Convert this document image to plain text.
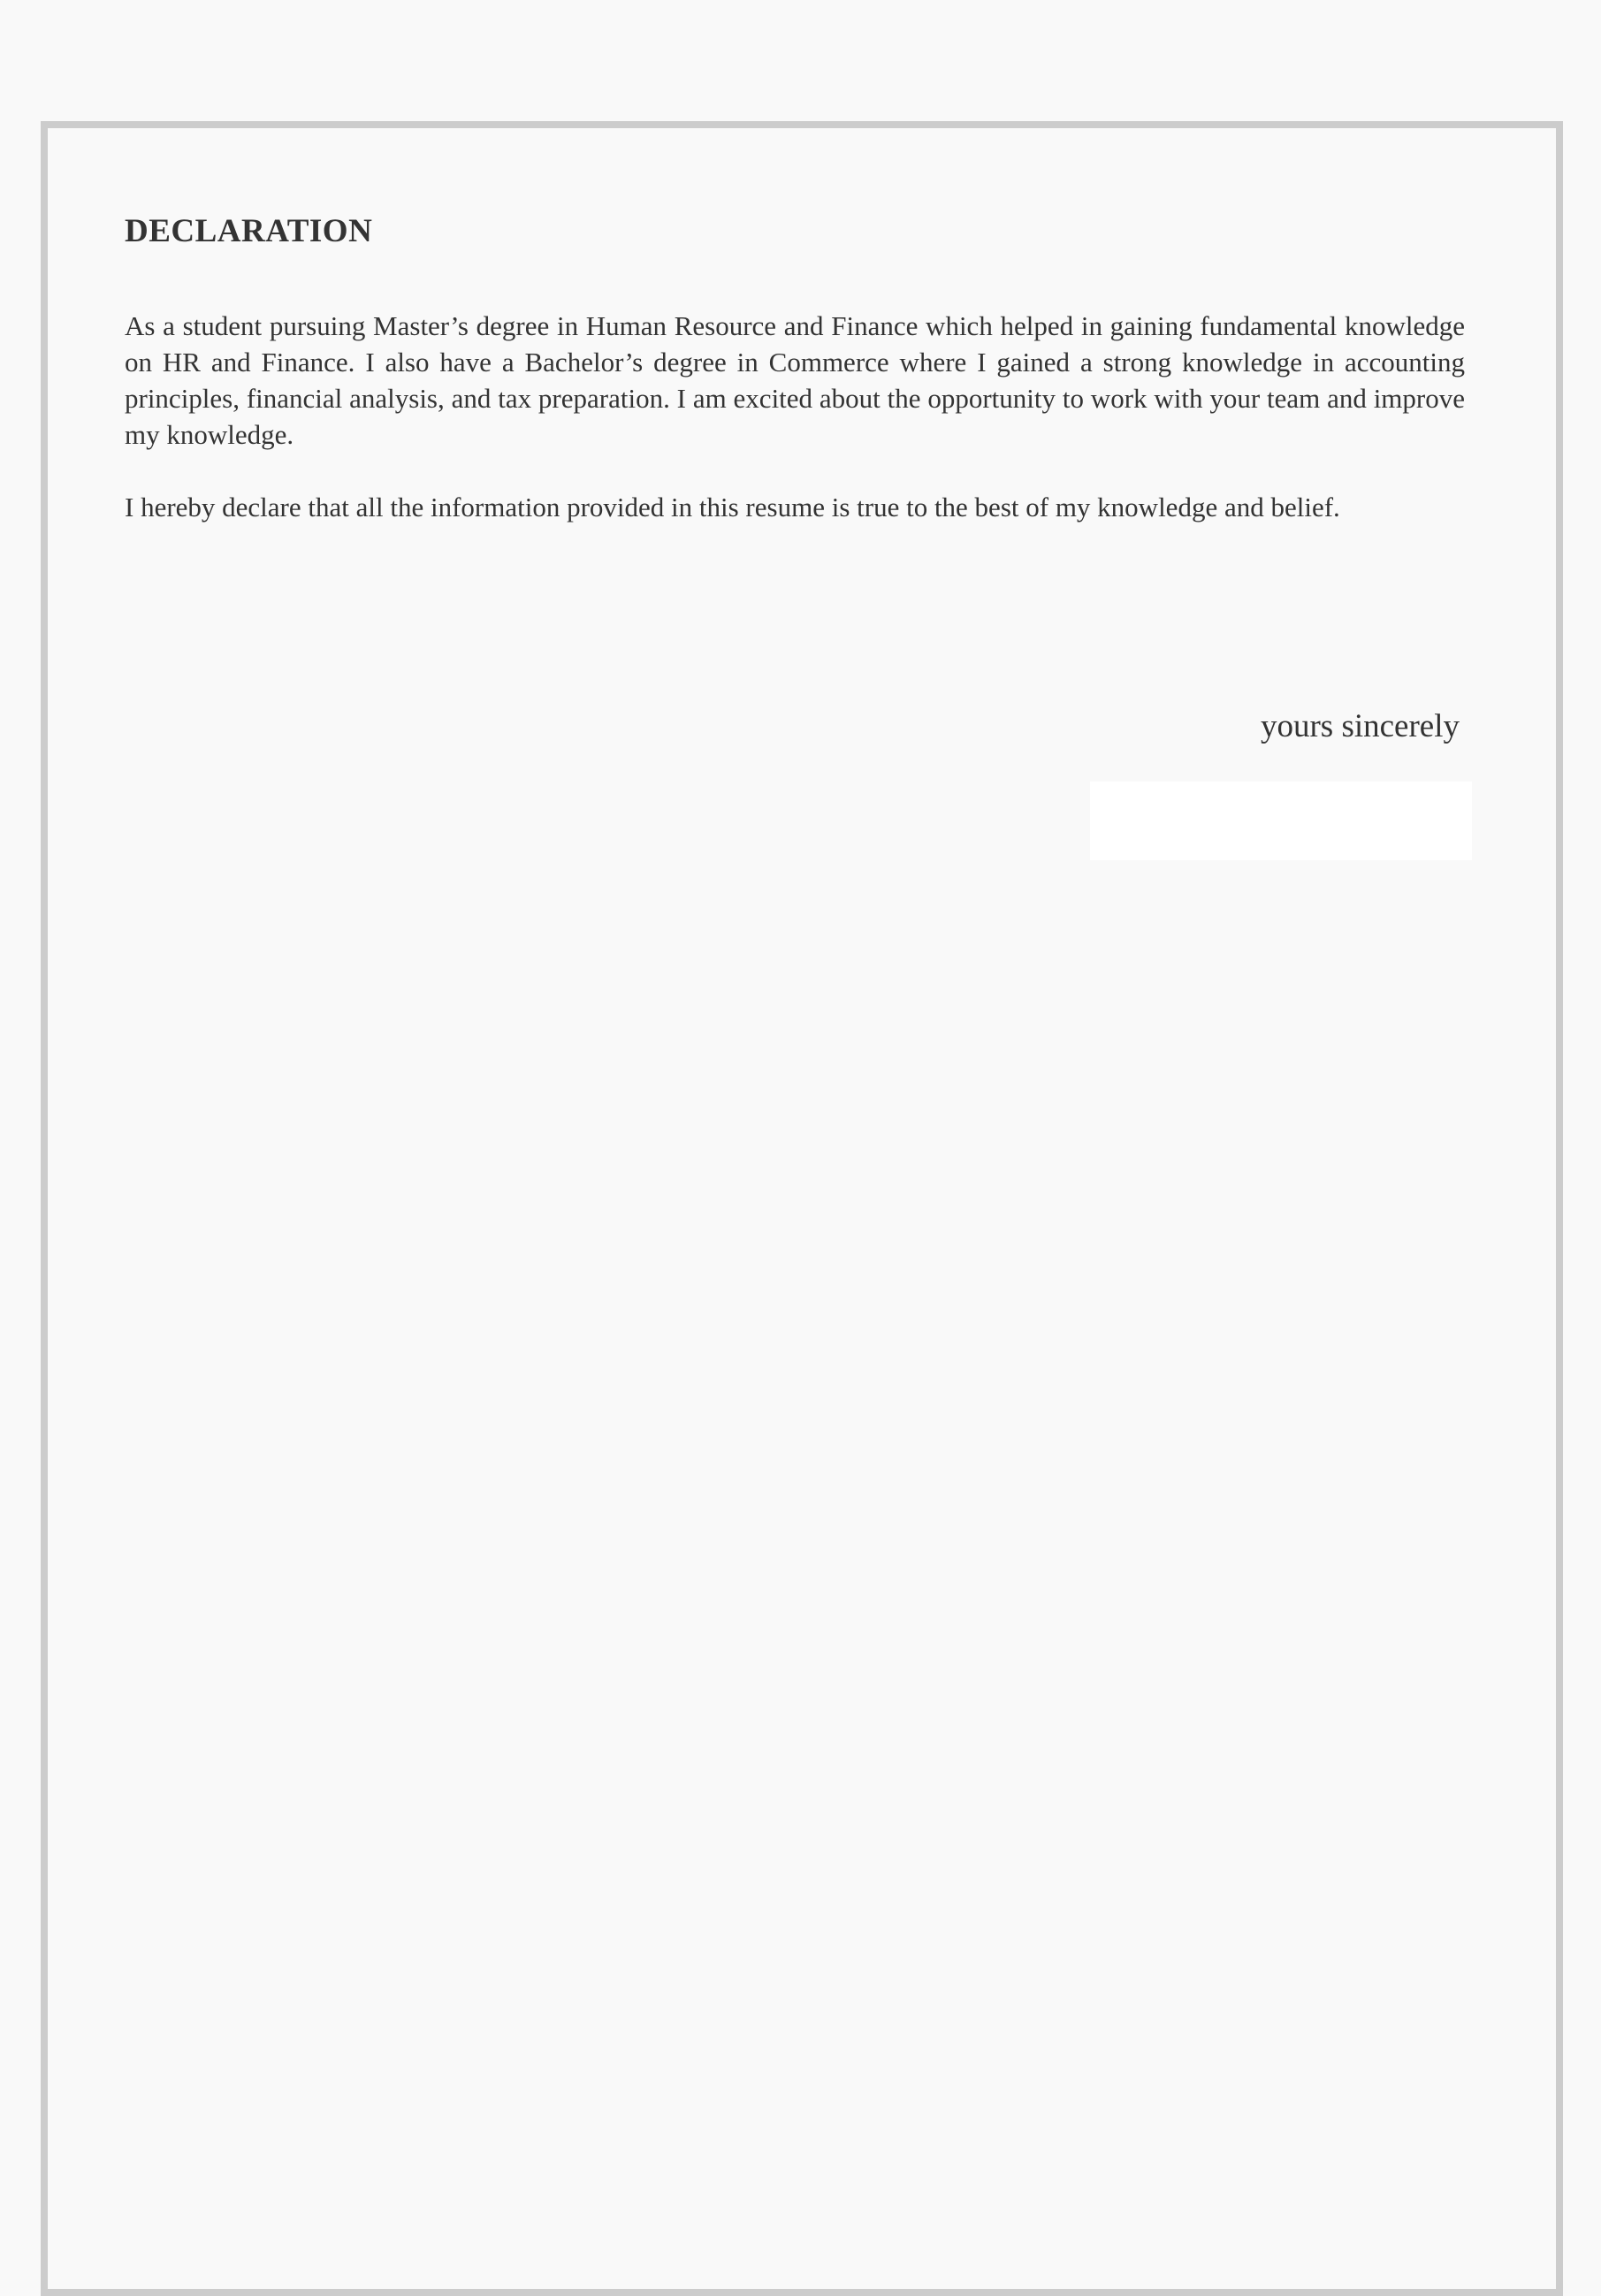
DECLARATION

As a student pursuing Master’s degree in Human Resource and Finance which helped in gaining fundamental knowledge on HR and Finance. I also have a Bachelor’s degree in Commerce where I gained a strong knowledge in accounting principles, financial analysis, and tax preparation. I am excited about the opportunity to work with your team and improve my knowledge.

I hereby declare that all the information provided in this resume is true to the best of my knowledge and belief.

yours sincerely
